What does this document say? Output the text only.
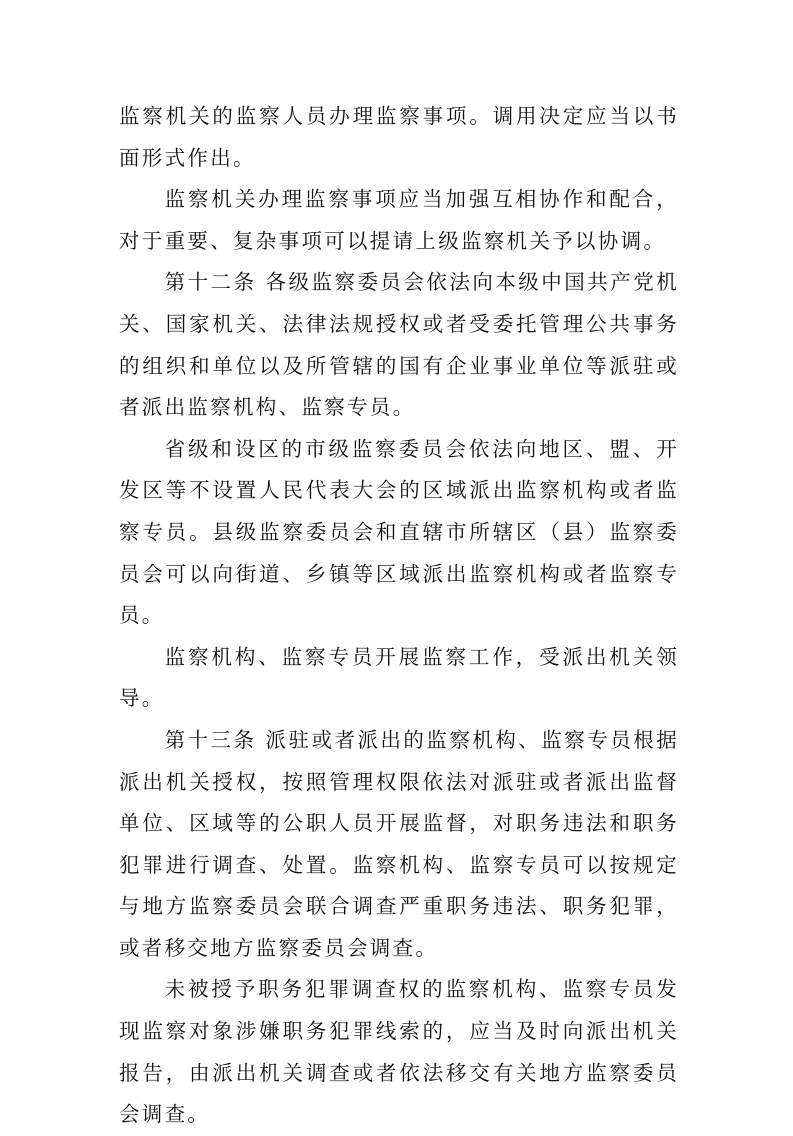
监察机关的监察人员办理监察事项。调用决定应当以书面形式作出。

监察机关办理监察事项应当加强互相协作和配合，对于重要、复杂事项可以提请上级监察机关予以协调。

第十二条 各级监察委员会依法向本级中国共产党机关、国家机关、法律法规授权或者受委托管理公共事务的组织和单位以及所管辖的国有企业事业单位等派驻或者派出监察机构、监察专员。

省级和设区的市级监察委员会依法向地区、盟、开发区等不设置人民代表大会的区域派出监察机构或者监察专员。县级监察委员会和直辖市所辖区（县）监察委员会可以向街道、乡镇等区域派出监察机构或者监察专员。

监察机构、监察专员开展监察工作，受派出机关领导。

第十三条 派驻或者派出的监察机构、监察专员根据派出机关授权，按照管理权限依法对派驻或者派出监督单位、区域等的公职人员开展监督，对职务违法和职务犯罪进行调查、处置。监察机构、监察专员可以按规定与地方监察委员会联合调查严重职务违法、职务犯罪，或者移交地方监察委员会调查。

未被授予职务犯罪调查权的监察机构、监察专员发现监察对象涉嫌职务犯罪线索的，应当及时向派出机关报告，由派出机关调查或者依法移交有关地方监察委员会调查。
